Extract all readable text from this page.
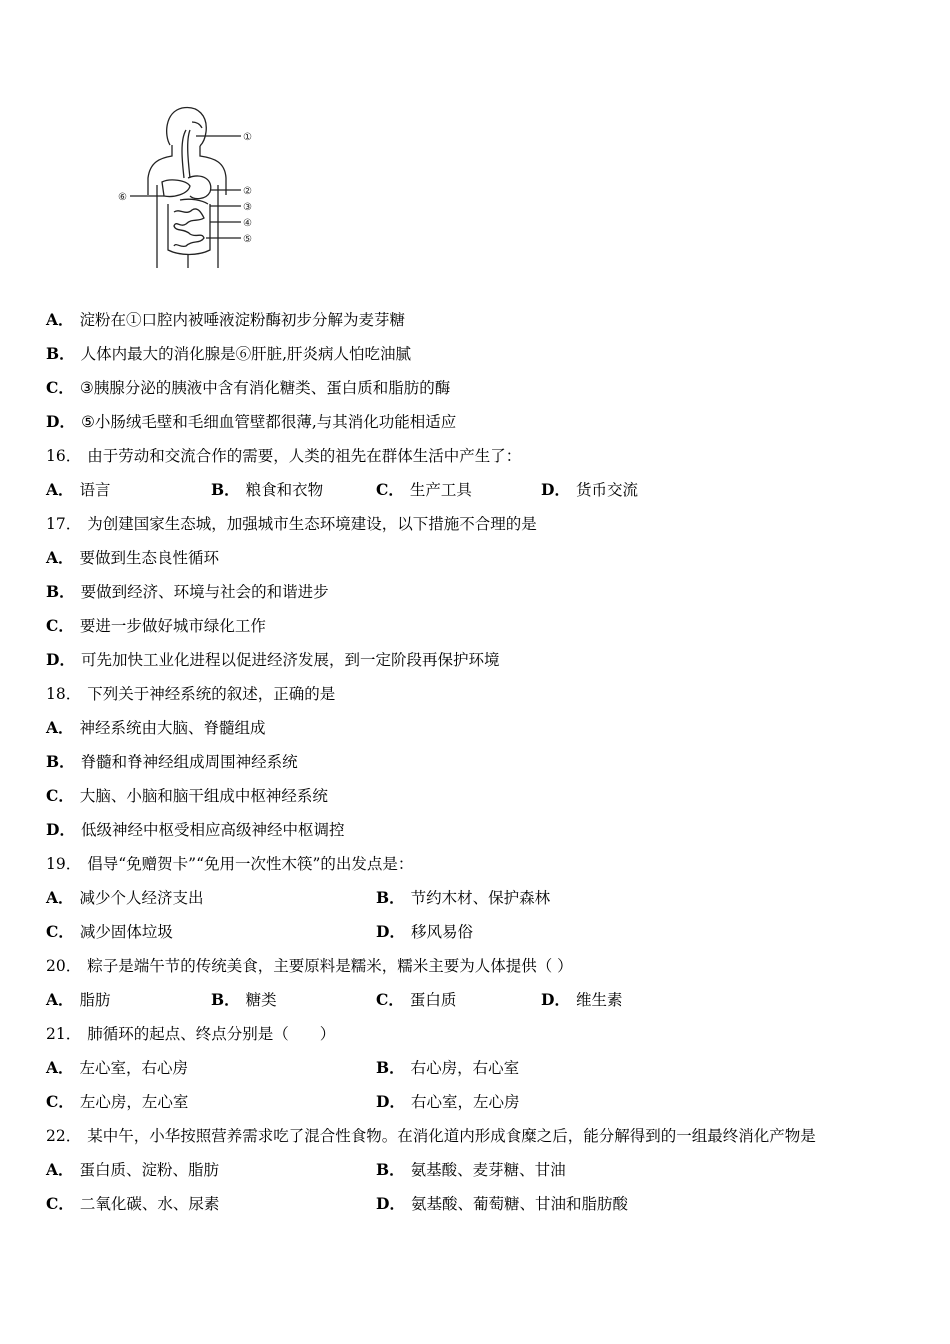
①
②
③
④
⑤
⑥
A． 淀粉在①口腔内被唾液淀粉酶初步分解为麦芽糖
B． 人体内最大的消化腺是⑥肝脏,肝炎病人怕吃油腻
C． ③胰腺分泌的胰液中含有消化糖类、蛋白质和脂肪的酶
D． ⑤小肠绒毛壁和毛细血管壁都很薄,与其消化功能相适应
16． 由于劳动和交流合作的需要，人类的祖先在群体生活中产生了：
A． 语言	B． 粮食和衣物	C． 生产工具	D． 货币交流
17． 为创建国家生态城，加强城市生态环境建设，以下措施不合理的是
A． 要做到生态良性循环
B． 要做到经济、环境与社会的和谐进步
C． 要进一步做好城市绿化工作
D． 可先加快工业化进程以促进经济发展，到一定阶段再保护环境
18． 下列关于神经系统的叙述，正确的是
A． 神经系统由大脑、脊髓组成
B． 脊髓和脊神经组成周围神经系统
C． 大脑、小脑和脑干组成中枢神经系统
D． 低级神经中枢受相应高级神经中枢调控
19． 倡导“免赠贺卡”“免用一次性木筷”的出发点是：
A． 减少个人经济支出	B． 节约木材、保护森林
C． 减少固体垃圾	D． 移风易俗
20． 粽子是端午节的传统美食，主要原料是糯米，糯米主要为人体提供（ ）
A． 脂肪	B． 糖类	C． 蛋白质	D． 维生素
21． 肺循环的起点、终点分别是（　　）
A． 左心室，右心房	B． 右心房，右心室
C． 左心房，左心室	D． 右心室，左心房
22． 某中午，小华按照营养需求吃了混合性食物。在消化道内形成食糜之后，能分解得到的一组最终消化产物是
A． 蛋白质、淀粉、脂肪	B． 氨基酸、麦芽糖、甘油
C． 二氧化碳、水、尿素	D． 氨基酸、葡萄糖、甘油和脂肪酸
